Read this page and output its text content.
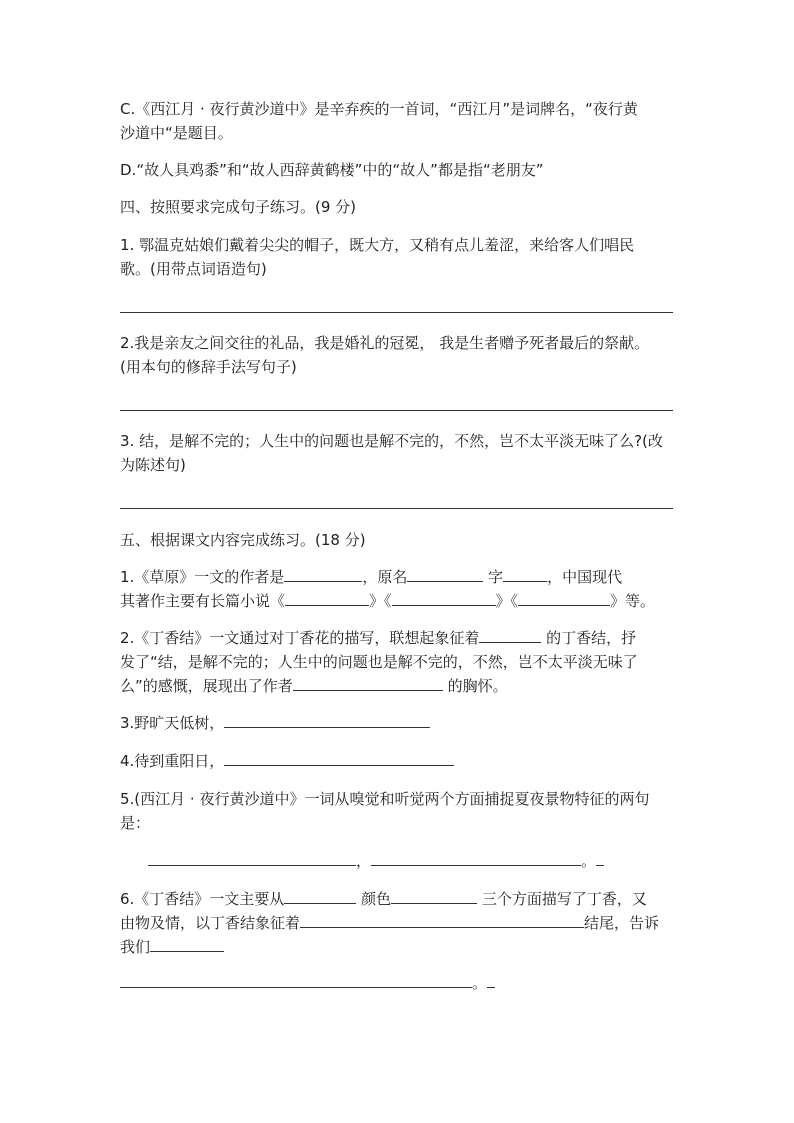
C.《西江月 · 夜行黄沙道中》是辛弃疾的一首词，“西江月”是词牌名，“夜行黄
沙道中“是题目。
D.“故人具鸡黍”和“故人西辞黄鹤楼”中的“故人”都是指“老朋友”
四、按照要求完成句子练习。(9 分)
1. 鄂温克姑娘们戴着尖尖的帽子，既大方，又稍有点儿羞涩，来给客人们唱民
歌。(用带点词语造句)
2.我是亲友之间交往的礼品，我是婚礼的冠冕， 我是生者赠予死者最后的祭献。
(用本句的修辞手法写句子)
3. 结，是解不完的；人生中的问题也是解不完的，不然，岂不太平淡无味了么?(改
为陈述句)
五、根据课文内容完成练习。(18 分)
1.《草原》一文的作者是	，原名	字	，中国现代
其著作主要有长篇小说《	》《	》《	》等。
2.《丁香结》一文通过对丁香花的描写，联想起象征着	的丁香结，抒
发了“结，是解不完的；人生中的问题也是解不完的，不然，岂不太平淡无味了
么”的感慨，展现出了作者	的胸怀。
3.野旷天低树，
4.待到重阳日，
5.(西江月 · 夜行黄沙道中》一词从嗅觉和听觉两个方面捕捉夏夜景物特征的两句
是：
，	。
6.《丁香结》一文主要从	颜色	三个方面描写了丁香，又
由物及情，以丁香结象征着	结尾，告诉
我们
。
